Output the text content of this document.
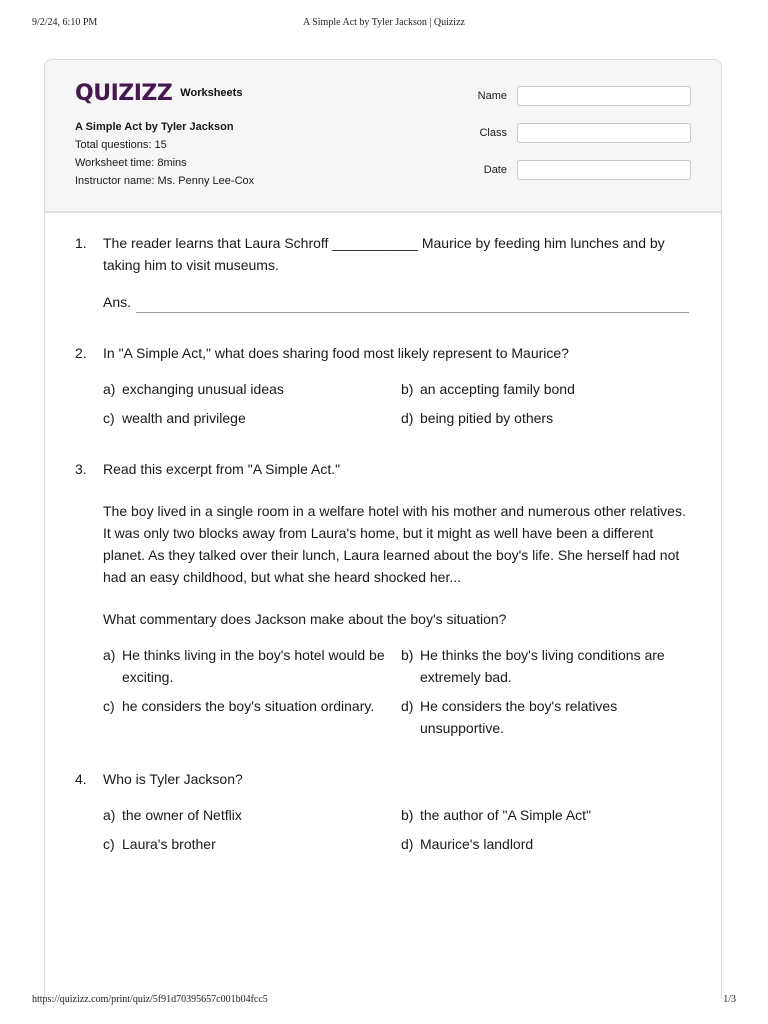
9/2/24, 6:10 PM	A Simple Act by Tyler Jackson | Quizizz
QUIZIZZ Worksheets
A Simple Act by Tyler Jackson
Total questions: 15
Worksheet time: 8mins
Instructor name: Ms. Penny Lee-Cox
Name
Class
Date
1. The reader learns that Laura Schroff ___________ Maurice by feeding him lunches and by taking him to visit museums.

Ans.
2. In "A Simple Act," what does sharing food most likely represent to Maurice?

a) exchanging unusual ideas	b) an accepting family bond
c) wealth and privilege	d) being pitied by others
3. Read this excerpt from "A Simple Act."

The boy lived in a single room in a welfare hotel with his mother and numerous other relatives. It was only two blocks away from Laura's home, but it might as well have been a different planet. As they talked over their lunch, Laura learned about the boy's life. She herself had not had an easy childhood, but what she heard shocked her...

What commentary does Jackson make about the boy's situation?

a) He thinks living in the boy's hotel would be exciting.
b) He thinks the boy's living conditions are extremely bad.
c) he considers the boy's situation ordinary.	d) He considers the boy's relatives unsupportive.
4. Who is Tyler Jackson?

a) the owner of Netflix	b) the author of "A Simple Act"
c) Laura's brother	d) Maurice's landlord
https://quizizz.com/print/quiz/5f91d70395657c001b04fcc5	1/3
